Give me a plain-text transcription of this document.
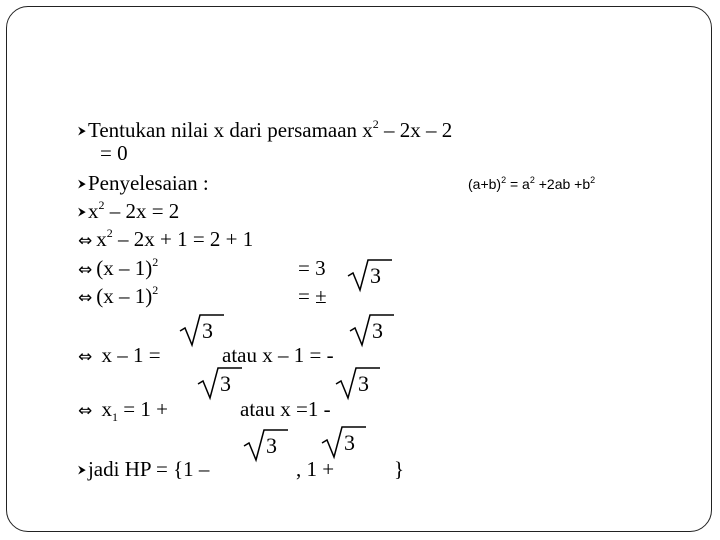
⮞Tentukan nilai x dari persamaan $x^2 - 2x - 2$
= 0
⮞Penyelesaian :	$(a+b)^2 = a^2 +2ab +b^2$
$⮞x^2 - 2x = 2$
⇔ $x^2 - 2x + 1 = 2 + 1$
⇔ (x – 1)$^2$	= 3 3
⇔ (x – 1)$^2$	= ±
⇔ x – 1 =
3
atau x – 1 = -
3
⇔ $x_1 = 1$ +
3
atau x =1 -
3
⮞jadi HP = {1 –
3
, 1 +
3
}
